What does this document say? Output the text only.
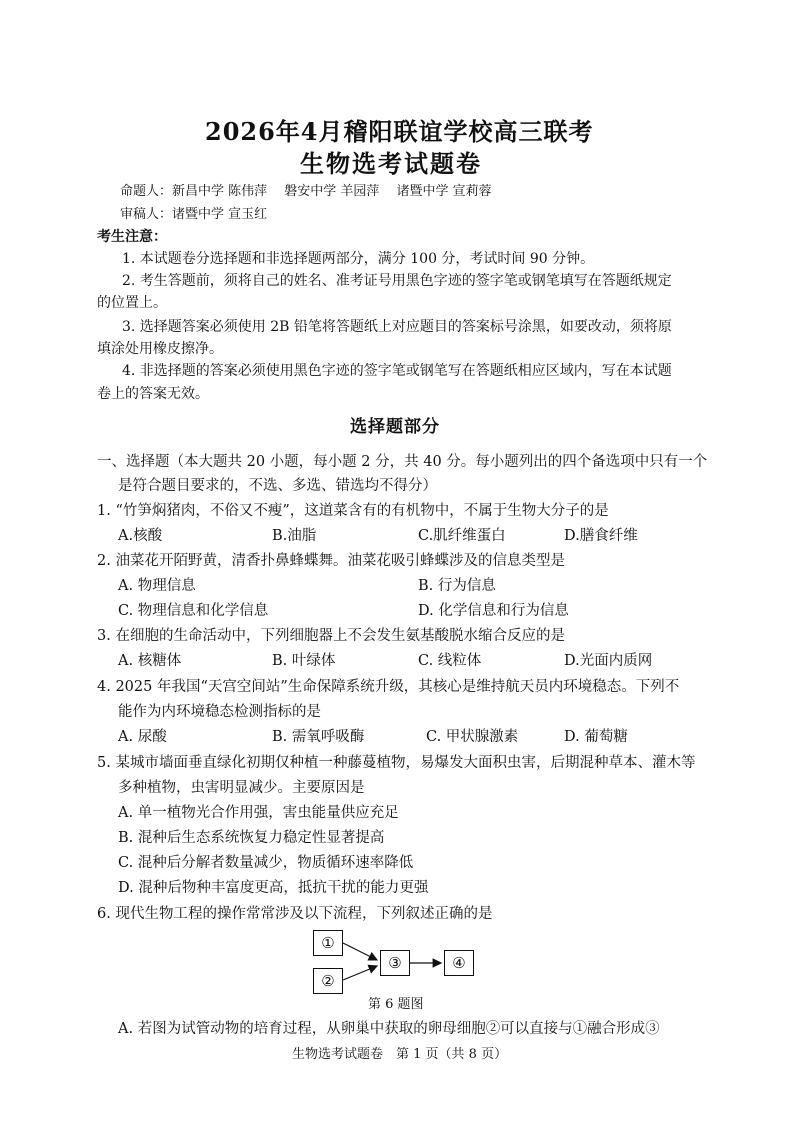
2026年4月稽阳联谊学校高三联考
生物选考试题卷
命题人：新昌中学 陈伟萍　 磐安中学 羊园萍　 诸暨中学 宣莉蓉
审稿人：诸暨中学 宣玉红
考生注意：
1. 本试题卷分选择题和非选择题两部分，满分 100 分，考试时间 90 分钟。
2. 考生答题前，须将自己的姓名、准考证号用黑色字迹的签字笔或钢笔填写在答题纸规定
的位置上。
3. 选择题答案必须使用 2B 铅笔将答题纸上对应题目的答案标号涂黑，如要改动，须将原
填涂处用橡皮擦净。
4. 非选择题的答案必须使用黑色字迹的签字笔或钢笔写在答题纸相应区域内，写在本试题
卷上的答案无效。
选择题部分
一、选择题（本大题共 20 小题，每小题 2 分，共 40 分。每小题列出的四个备选项中只有一个
是符合题目要求的，不选、多选、错选均不得分）
1. “竹笋焖猪肉，不俗又不瘦”，这道菜含有的有机物中，不属于生物大分子的是
A.核酸	B.油脂	C.肌纤维蛋白	D.膳食纤维
2. 油菜花开陌野黄，清香扑鼻蜂蝶舞。油菜花吸引蜂蝶涉及的信息类型是
A. 物理信息	B. 行为信息
C. 物理信息和化学信息	D. 化学信息和行为信息
3. 在细胞的生命活动中，下列细胞器上不会发生氨基酸脱水缩合反应的是
A. 核糖体	B. 叶绿体	C. 线粒体	D.光面内质网
4. 2025 年我国“天宫空间站”生命保障系统升级，其核心是维持航天员内环境稳态。下列不
能作为内环境稳态检测指标的是
A. 尿酸	B. 需氧呼吸酶	C. 甲状腺激素	D. 葡萄糖
5. 某城市墙面垂直绿化初期仅种植一种藤蔓植物，易爆发大面积虫害，后期混种草本、灌木等
多种植物，虫害明显减少。主要原因是
A. 单一植物光合作用强，害虫能量供应充足
B. 混种后生态系统恢复力稳定性显著提高
C. 混种后分解者数量减少，物质循环速率降低
D. 混种后物种丰富度更高，抵抗干扰的能力更强
6. 现代生物工程的操作常常涉及以下流程，下列叙述正确的是
①
②
③	④
第 6 题图
A. 若图为试管动物的培育过程，从卵巢中获取的卵母细胞②可以直接与①融合形成③
生物选考试题卷　第 1 页（共 8 页）
